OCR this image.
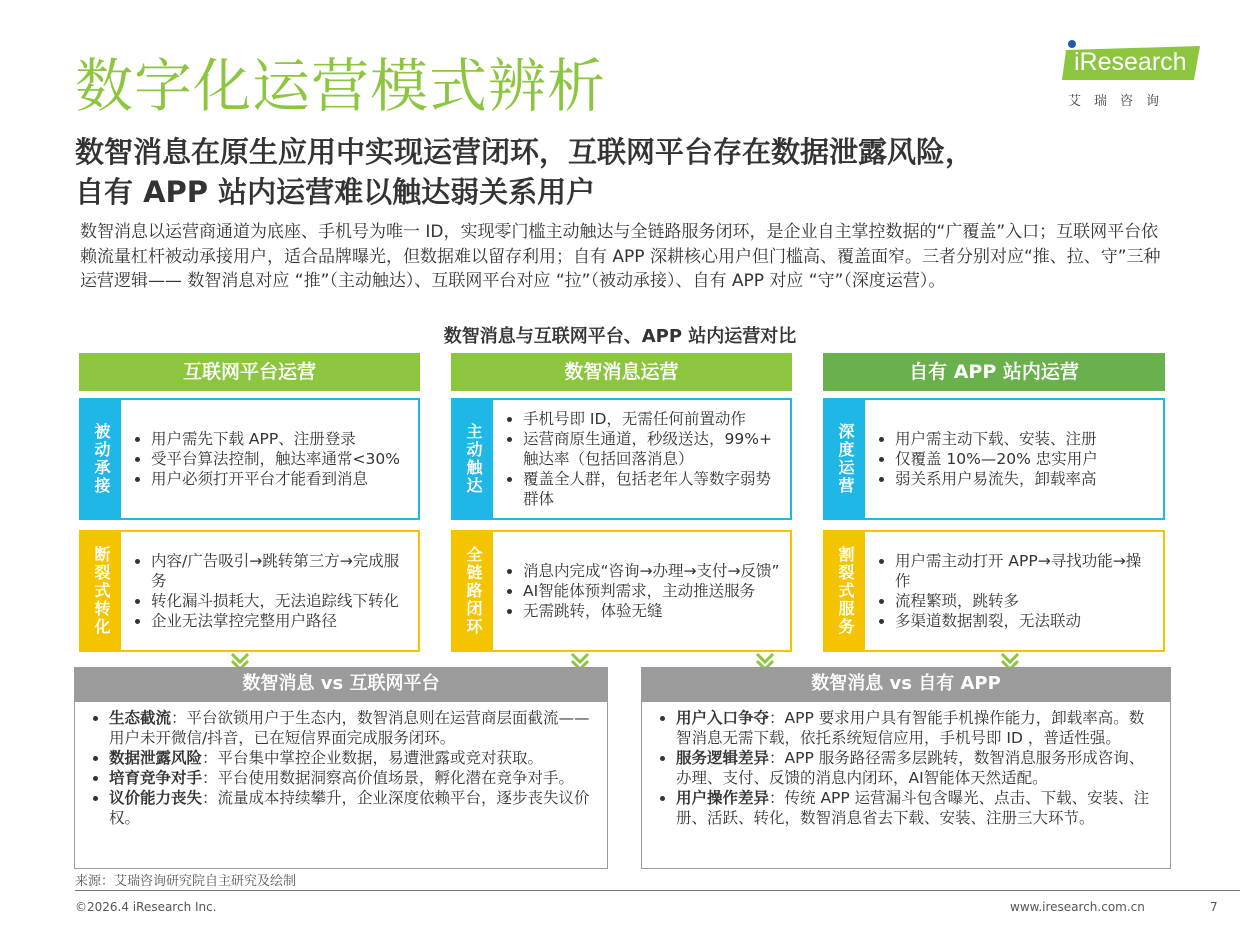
数字化运营模式辨析	iResearch
艾瑞咨询
数智消息在原生应用中实现运营闭环，互联网平台存在数据泄露风险，
自有 APP 站内运营难以触达弱关系用户
数智消息以运营商通道为底座、手机号为唯一 ID，实现零门槛主动触达与全链路服务闭环，是企业自主掌控数据的“广覆盖”入口；互联网平台依赖流量杠杆被动承接用户，适合品牌曝光，但数据难以留存利用；自有 APP 深耕核心用户但门槛高、覆盖面窄。三者分别对应“推、拉、守”三种运营逻辑—— 数智消息对应 “推”（主动触达）、互联网平台对应 “拉”（被动承接）、自有 APP 对应 “守”（深度运营）。
数智消息与互联网平台、APP 站内运营对比
互联网平台运营
被动承接	• 用户需先下载 APP、注册登录
• 受平台算法控制，触达率通常<30%
• 用户必须打开平台才能看到消息
断裂式转化	• 内容/广告吸引→跳转第三方→完成服务
• 转化漏斗损耗大，无法追踪线下转化
• 企业无法掌控完整用户路径
数智消息运营
主动触达
• 手机号即 ID，无需任何前置动作
• 运营商原生通道，秒级送达，99%+ 触达率（包括回落消息）
• 覆盖全人群，包括老年人等数字弱势群体
全链路闭环	• 消息内完成“咨询→办理→支付→反馈”
• AI智能体预判需求，主动推送服务
• 无需跳转，体验无缝
自有 APP 站内运营
深度运营	• 用户需主动下载、安装、注册
• 仅覆盖 10%—20% 忠实用户
• 弱关系用户易流失，卸载率高
割裂式服务	• 用户需主动打开 APP→寻找功能→操作
• 流程繁琐，跳转多
• 多渠道数据割裂，无法联动
数智消息 vs 互联网平台
• 生态截流：平台欲锁用户于生态内，数智消息则在运营商层面截流——用户未开微信/抖音，已在短信界面完成服务闭环。
• 数据泄露风险：平台集中掌控企业数据，易遭泄露或竞对获取。
• 培育竞争对手：平台使用数据洞察高价值场景，孵化潜在竞争对手。
• 议价能力丧失：流量成本持续攀升，企业深度依赖平台，逐步丧失议价权。
数智消息 vs 自有 APP
• 用户入口争夺：APP 要求用户具有智能手机操作能力，卸载率高。数智消息无需下载，依托系统短信应用，手机号即 ID ，普适性强。
• 服务逻辑差异：APP 服务路径需多层跳转，数智消息服务形成咨询、办理、支付、反馈的消息内闭环，AI智能体天然适配。
• 用户操作差异：传统 APP 运营漏斗包含曝光、点击、下载、安装、注册、活跃、转化，数智消息省去下载、安装、注册三大环节。
来源：艾瑞咨询研究院自主研究及绘制
©2026.4 iResearch Inc.	www.iresearch.com.cn	7
